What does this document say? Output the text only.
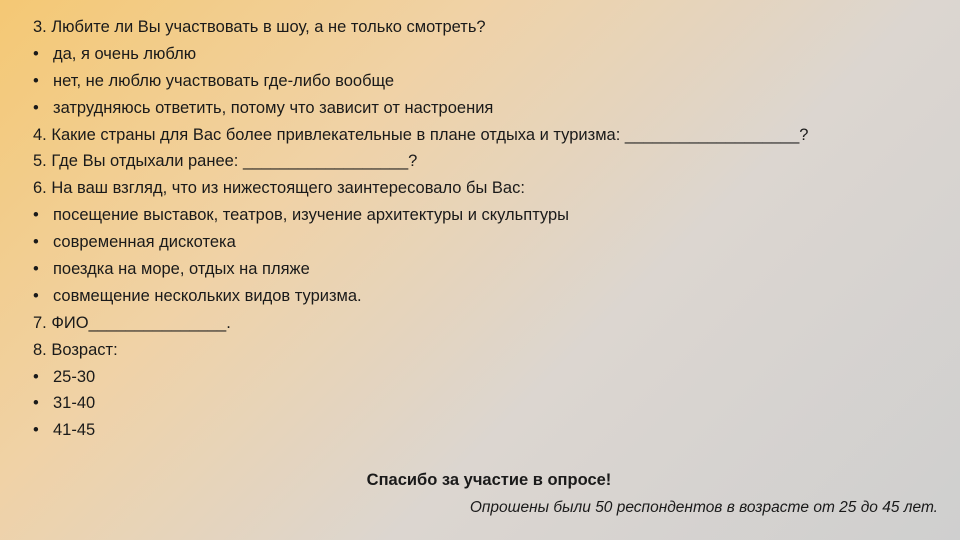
3. Любите ли Вы участвовать в шоу, а не только смотреть?
• да, я очень люблю
• нет, не люблю участвовать где-либо вообще
• затрудняюсь ответить, потому что зависит от настроения
4. Какие страны для Вас более привлекательные в плане отдыха и туризма: ___________________?
5. Где Вы отдыхали ранее: __________________?
6. На ваш взгляд, что из нижестоящего заинтересовало бы Вас:
• посещение выставок, театров, изучение архитектуры и скульптуры
• современная дискотека
• поездка на море, отдых на пляже
• совмещение нескольких видов туризма.
7. ФИО_______________.
8. Возраст:
• 25-30
• 31-40
• 41-45
Спасибо за участие в опросе!
Опрошены были 50 респондентов в возрасте от 25 до 45 лет.
